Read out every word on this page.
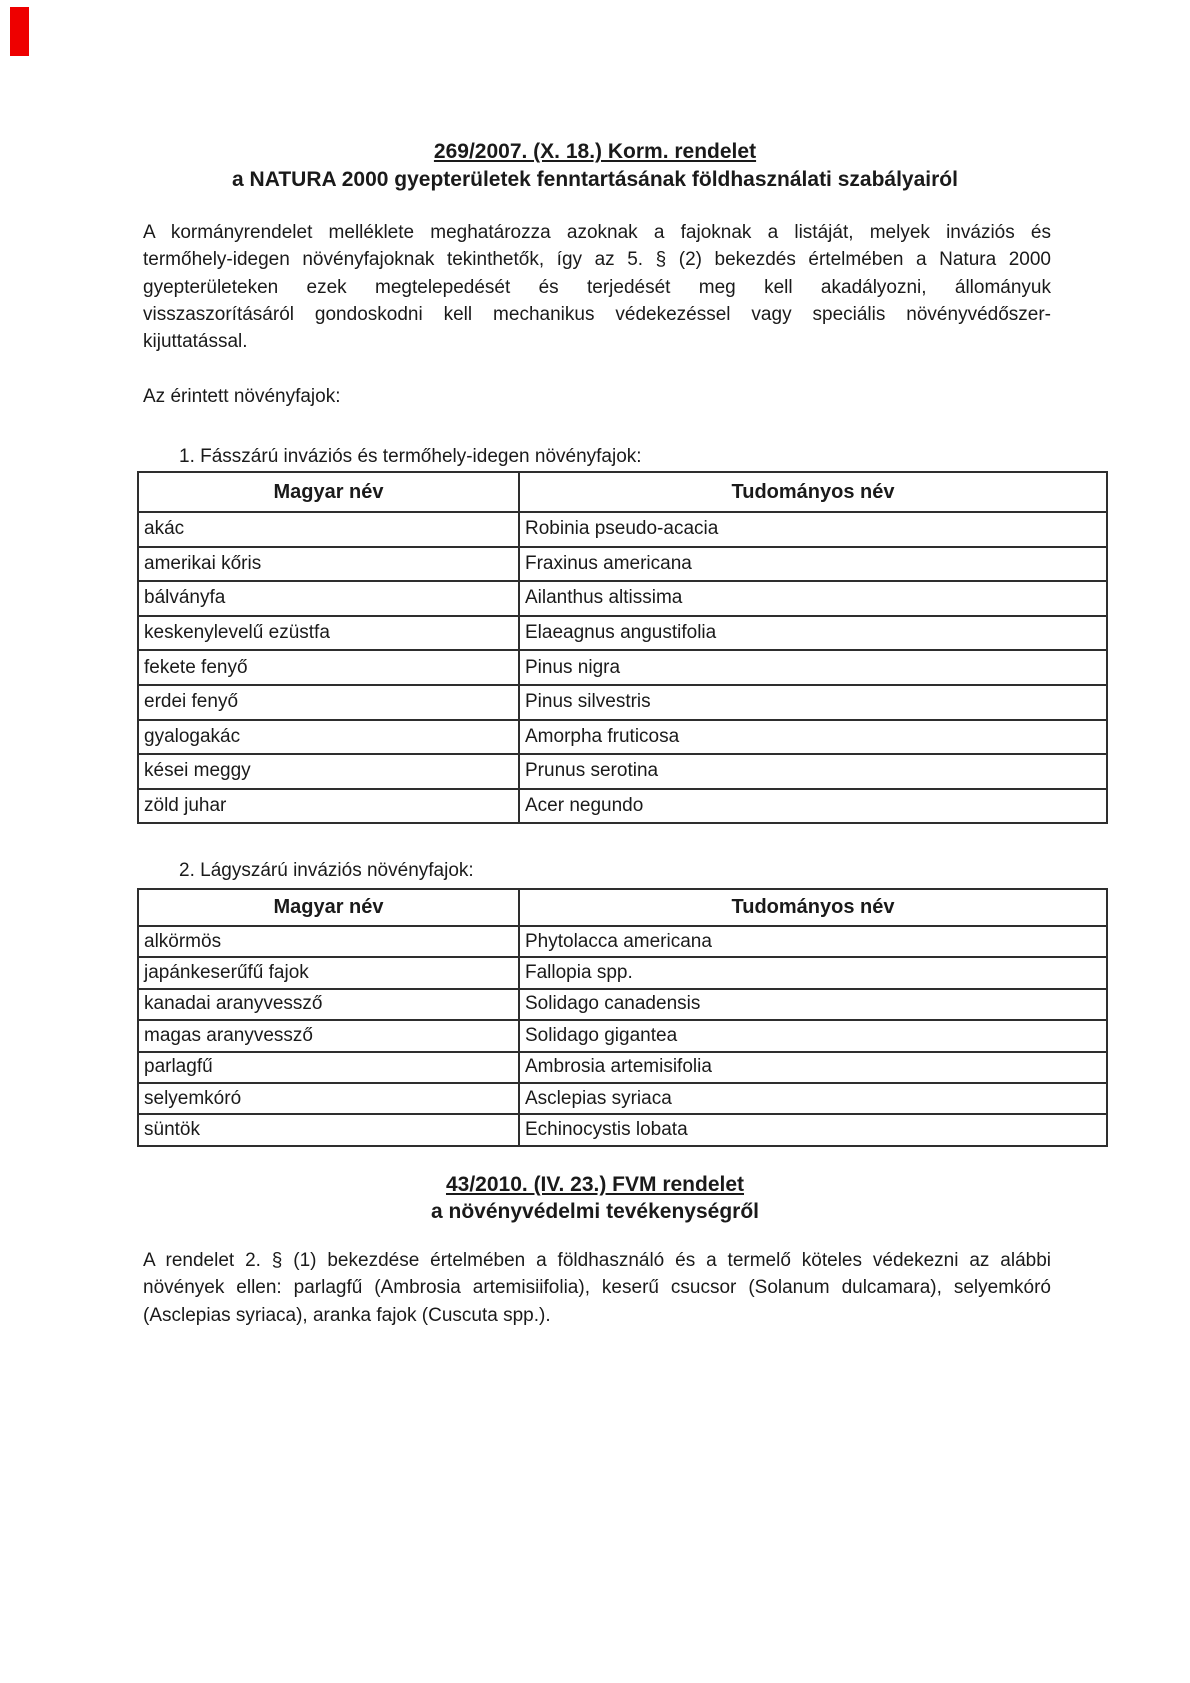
269/2007. (X. 18.) Korm. rendelet
a NATURA 2000 gyepterületek fenntartásának földhasználati szabályairól
A kormányrendelet melléklete meghatározza azoknak a fajoknak a listáját, melyek inváziós és
termőhely-idegen növényfajoknak tekinthetők, így az 5. § (2) bekezdés értelmében a Natura 2000
gyepterületeken ezek megtelepedését és terjedését meg kell akadályozni, állományuk
visszaszorításáról gondoskodni kell mechanikus védekezéssel vagy speciális növényvédőszer-
kijuttatással.
Az érintett növényfajok:
1. Fásszárú inváziós és termőhely-idegen növényfajok:
Magyar név	Tudományos név
akác	Robinia pseudo-acacia
amerikai kőris	Fraxinus americana
bálványfa	Ailanthus altissima
keskenylevelű ezüstfa	Elaeagnus angustifolia
fekete fenyő	Pinus nigra
erdei fenyő	Pinus silvestris
gyalogakác	Amorpha fruticosa
kései meggy	Prunus serotina
zöld juhar	Acer negundo
2. Lágyszárú inváziós növényfajok:
Magyar név	Tudományos név
alkörmös	Phytolacca americana
japánkeserűfű fajok	Fallopia spp.
kanadai aranyvessző	Solidago canadensis
magas aranyvessző	Solidago gigantea
parlagfű	Ambrosia artemisifolia
selyemkóró	Asclepias syriaca
süntök	Echinocystis lobata
43/2010. (IV. 23.) FVM rendelet
a növényvédelmi tevékenységről
A rendelet 2. § (1) bekezdése értelmében a földhasználó és a termelő köteles védekezni az alábbi
növények ellen: parlagfű (Ambrosia artemisiifolia), keserű csucsor (Solanum dulcamara), selyemkóró
(Asclepias syriaca), aranka fajok (Cuscuta spp.).
